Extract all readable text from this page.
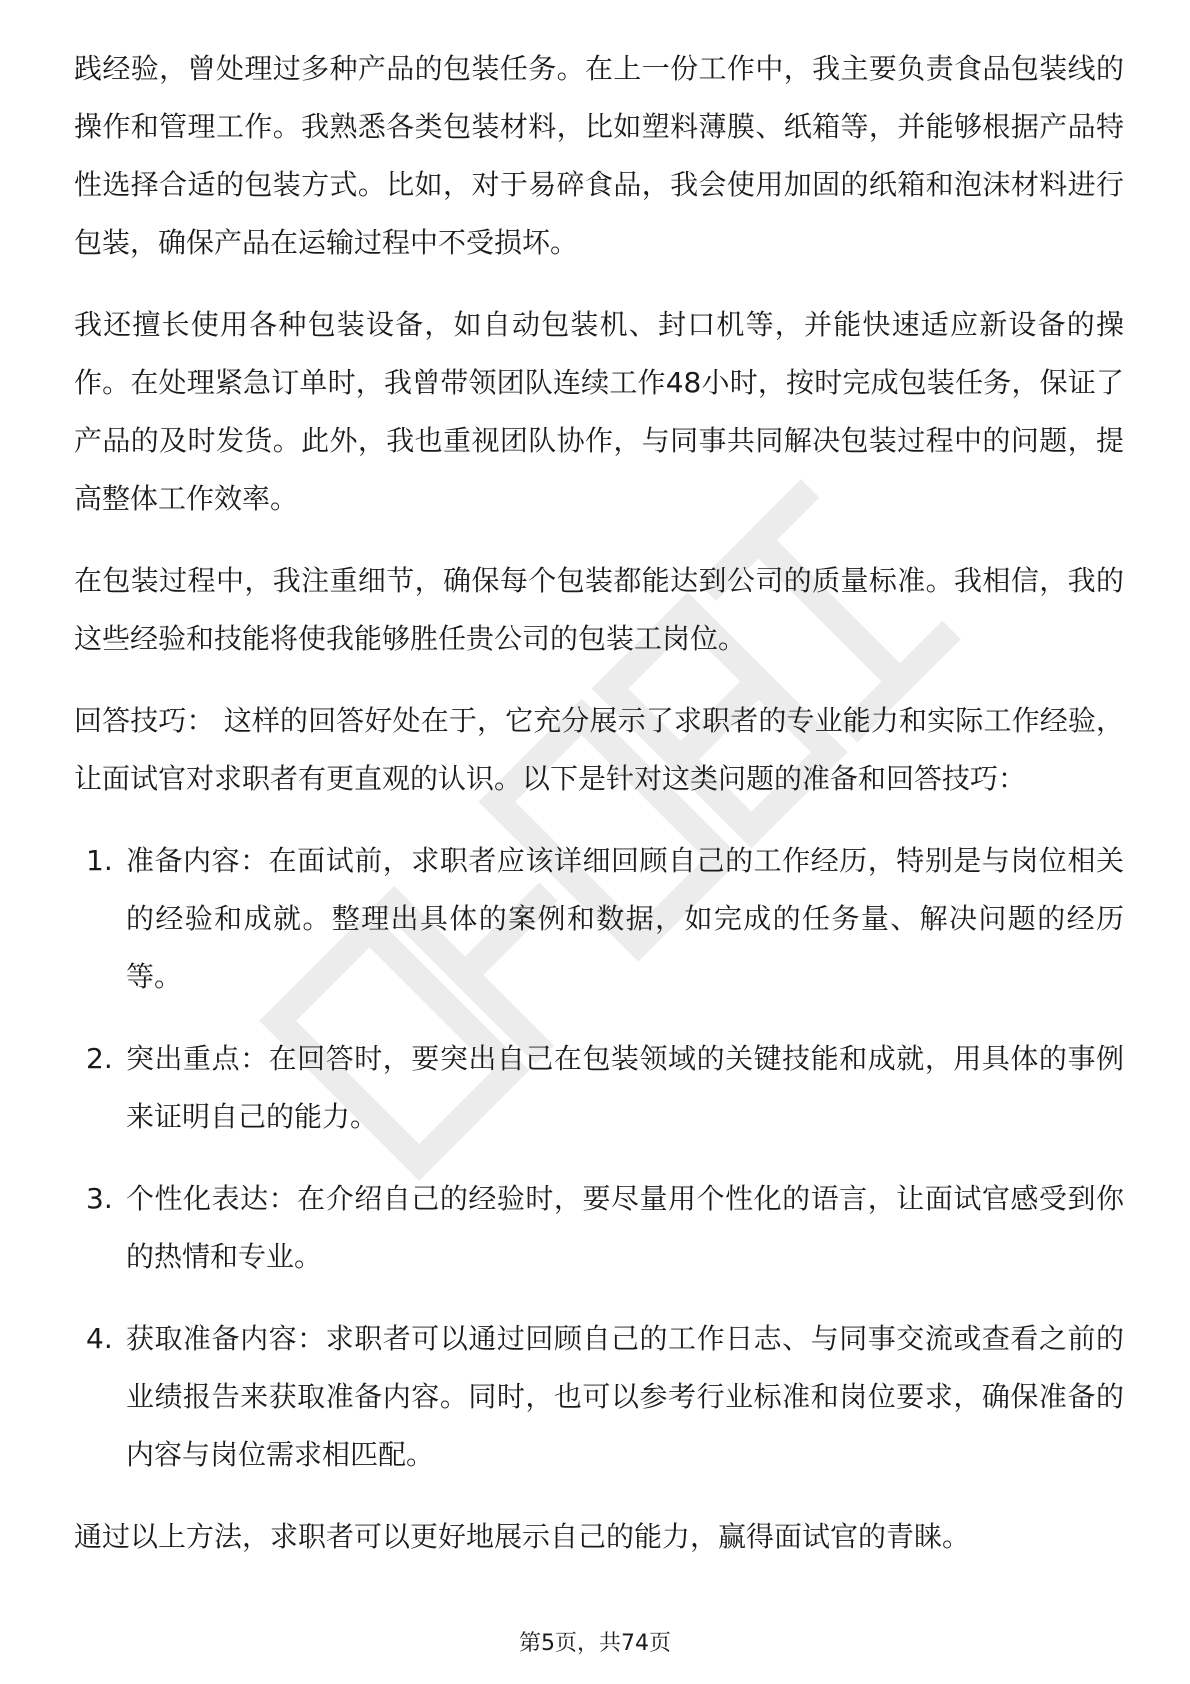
践经验，曾处理过多种产品的包装任务。在上一份工作中，我主要负责食品包装线的操作和管理工作。我熟悉各类包装材料，比如塑料薄膜、纸箱等，并能够根据产品特性选择合适的包装方式。比如，对于易碎食品，我会使用加固的纸箱和泡沫材料进行包装，确保产品在运输过程中不受损坏。

我还擅长使用各种包装设备，如自动包装机、封口机等，并能快速适应新设备的操作。在处理紧急订单时，我曾带领团队连续工作48小时，按时完成包装任务，保证了产品的及时发货。此外，我也重视团队协作，与同事共同解决包装过程中的问题，提高整体工作效率。

在包装过程中，我注重细节，确保每个包装都能达到公司的质量标准。我相信，我的这些经验和技能将使我能够胜任贵公司的包装工岗位。

回答技巧： 这样的回答好处在于，它充分展示了求职者的专业能力和实际工作经验，让面试官对求职者有更直观的认识。以下是针对这类问题的准备和回答技巧：

1. 准备内容：在面试前，求职者应该详细回顾自己的工作经历，特别是与岗位相关的经验和成就。整理出具体的案例和数据，如完成的任务量、解决问题的经历等。
2. 突出重点：在回答时，要突出自己在包装领域的关键技能和成就，用具体的事例来证明自己的能力。
3. 个性化表达：在介绍自己的经验时，要尽量用个性化的语言，让面试官感受到你的热情和专业。
4. 获取准备内容：求职者可以通过回顾自己的工作日志、与同事交流或查看之前的业绩报告来获取准备内容。同时，也可以参考行业标准和岗位要求，确保准备的内容与岗位需求相匹配。

通过以上方法，求职者可以更好地展示自己的能力，赢得面试官的青睐。

第5页，共74页
